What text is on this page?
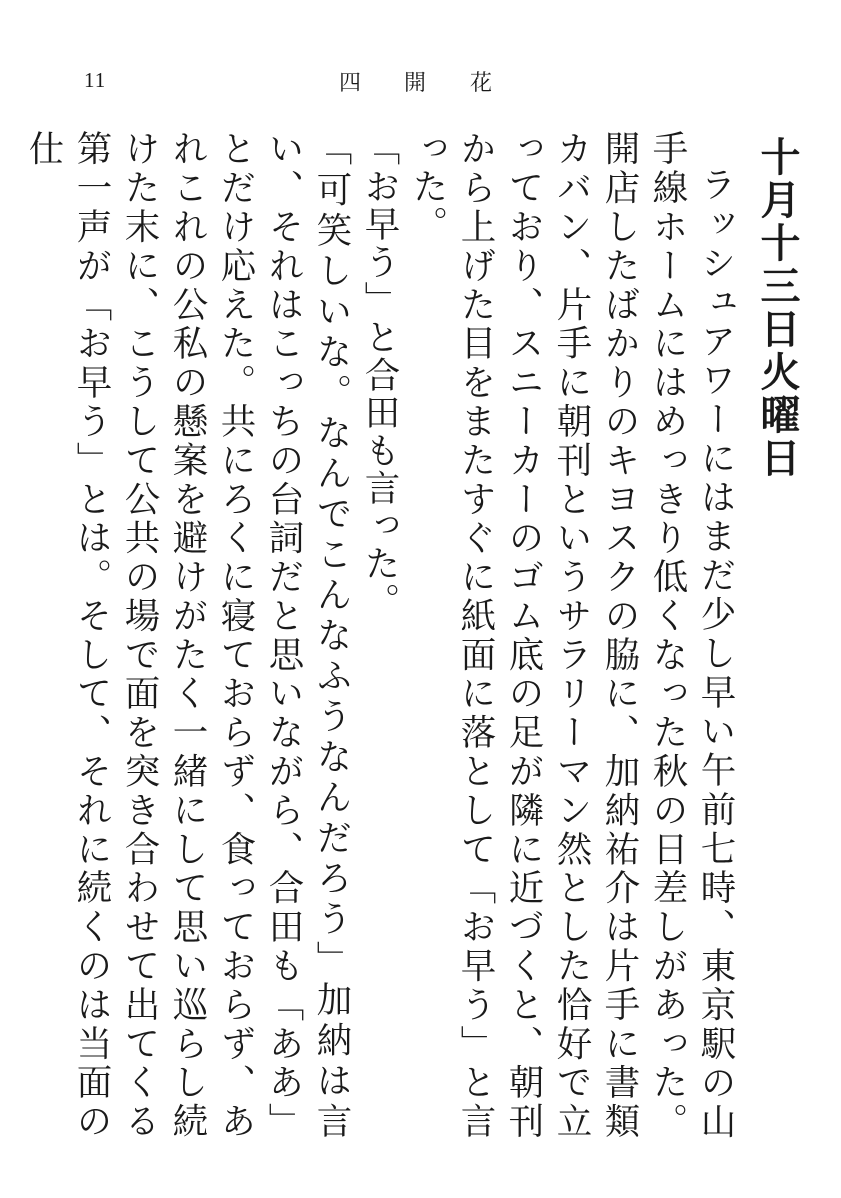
11	四 開 花
十月十三日火曜日

ラッシュアワーにはまだ少し早い午前七時、東京駅の山手線ホームにはめっきり低くなった秋の日差しがあった。開店したばかりのキヨスクの脇に、加納祐介は片手に書類カバン、片手に朝刊というサラリーマン然とした恰好で立っており、スニーカーのゴム底の足が隣に近づくと、朝刊から上げた目をまたすぐに紙面に落として「お早う」と言った。

「お早う」と合田も言った。

「可笑しいな。なんでこんなふうなんだろう」加納は言い、それはこっちの台詞だと思いながら、合田も「ああ」とだけ応えた。共にろくに寝ておらず、食っておらず、あれこれの公私の懸案を避けがたく一緒にして思い巡らし続けた末に、こうして公共の場で面を突き合わせて出てくる第一声が「お早う」とは。そして、それに続くのは当面の仕
